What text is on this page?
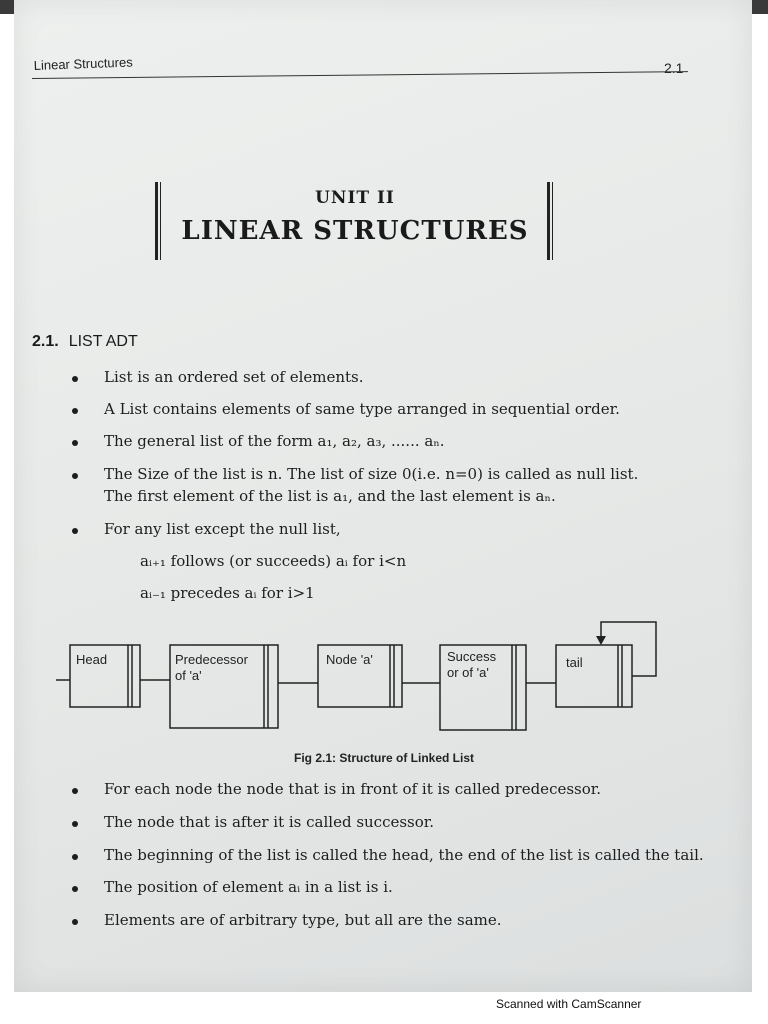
Linear Structures	2.1
UNIT II
LINEAR STRUCTURES
2.1. LIST ADT
List is an ordered set of elements.
A List contains elements of same type arranged in sequential order.
The general list of the form a₁, a₂, a₃, ...... aₙ.
The Size of the list is n. The list of size 0(i.e. n=0) is called as null list.
The first element of the list is a₁, and the last element is aₙ.
For any list except the null list,
aᵢ₊₁ follows (or succeeds) aᵢ for i<n
aᵢ₋₁ precedes aᵢ for i>1
Head	Predecessor
of 'a'
Node 'a'	Success
or of 'a'
tail
Fig 2.1: Structure of Linked List
For each node the node that is in front of it is called predecessor.
The node that is after it is called successor.
The beginning of the list is called the head, the end of the list is called the tail.
The position of element aᵢ in a list is i.
Elements are of arbitrary type, but all are the same.
Scanned with CamScanner
